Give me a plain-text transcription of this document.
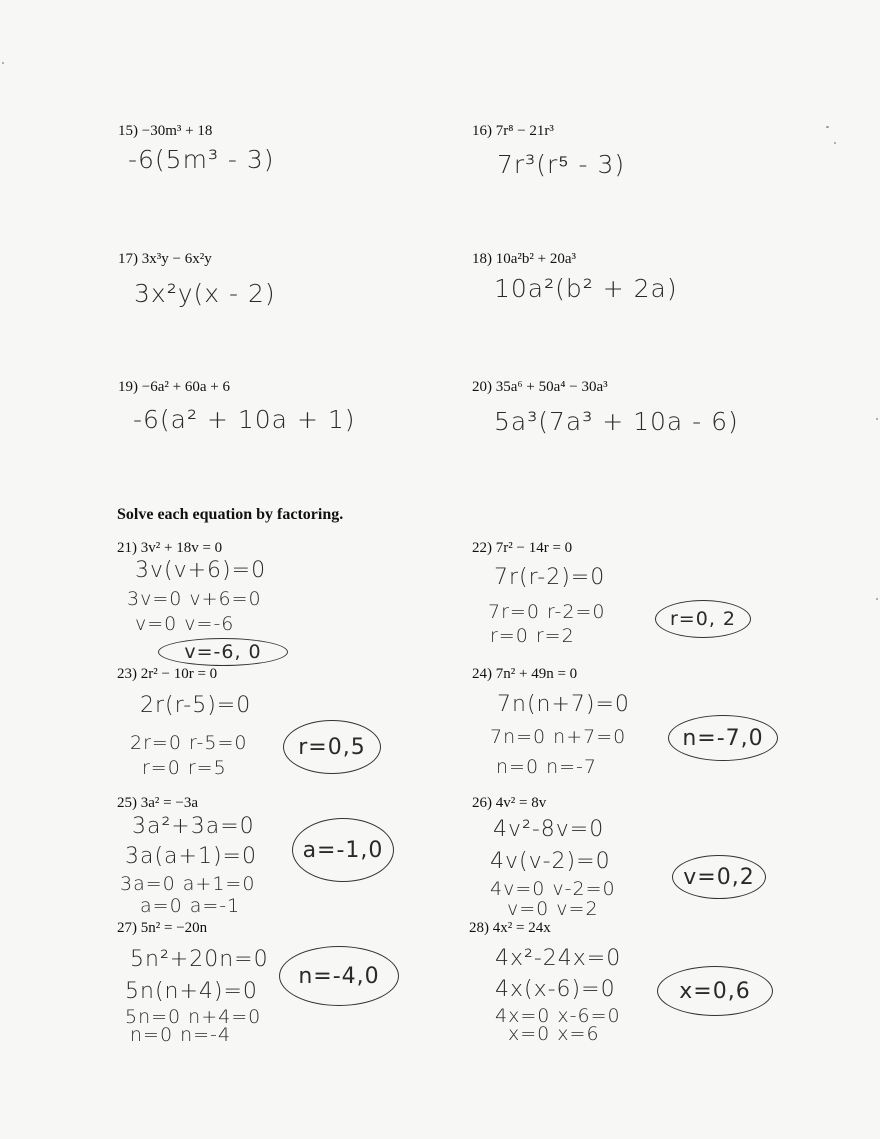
15) −30m³ + 18
-6(5m³ - 3)
16) 7r⁸ − 21r³
7r³(r⁵ - 3)
17) 3x³y − 6x²y
3x²y(x - 2)
18) 10a²b² + 20a³
10a²(b² + 2a)
19) −6a² + 60a + 6
-6(a² + 10a + 1)
20) 35a⁶ + 50a⁴ − 30a³
5a³(7a³ + 10a - 6)
Solve each equation by factoring.
21) 3v² + 18v = 0
3v(v+6)=0
3v=0 v+6=0
v=0 v=-6
v=-6, 0
22) 7r² − 14r = 0
7r(r-2)=0
7r=0 r-2=0
r=0 r=2
r=0, 2
23) 2r² − 10r = 0
2r(r-5)=0
2r=0 r-5=0
r=0 r=5
r=0,5
24) 7n² + 49n = 0
7n(n+7)=0
7n=0 n+7=0
n=0 n=-7
n=-7,0
25) 3a² = −3a
3a²+3a=0
3a(a+1)=0
3a=0 a+1=0
a=0 a=-1
a=-1,0
26) 4v² = 8v
4v²-8v=0
4v(v-2)=0
4v=0 v-2=0
v=0 v=2
v=0,2
27) 5n² = −20n
5n²+20n=0
5n(n+4)=0
5n=0 n+4=0
n=0 n=-4
n=-4,0
28) 4x² = 24x
4x²-24x=0
4x(x-6)=0
4x=0 x-6=0
x=0 x=6
x=0,6
